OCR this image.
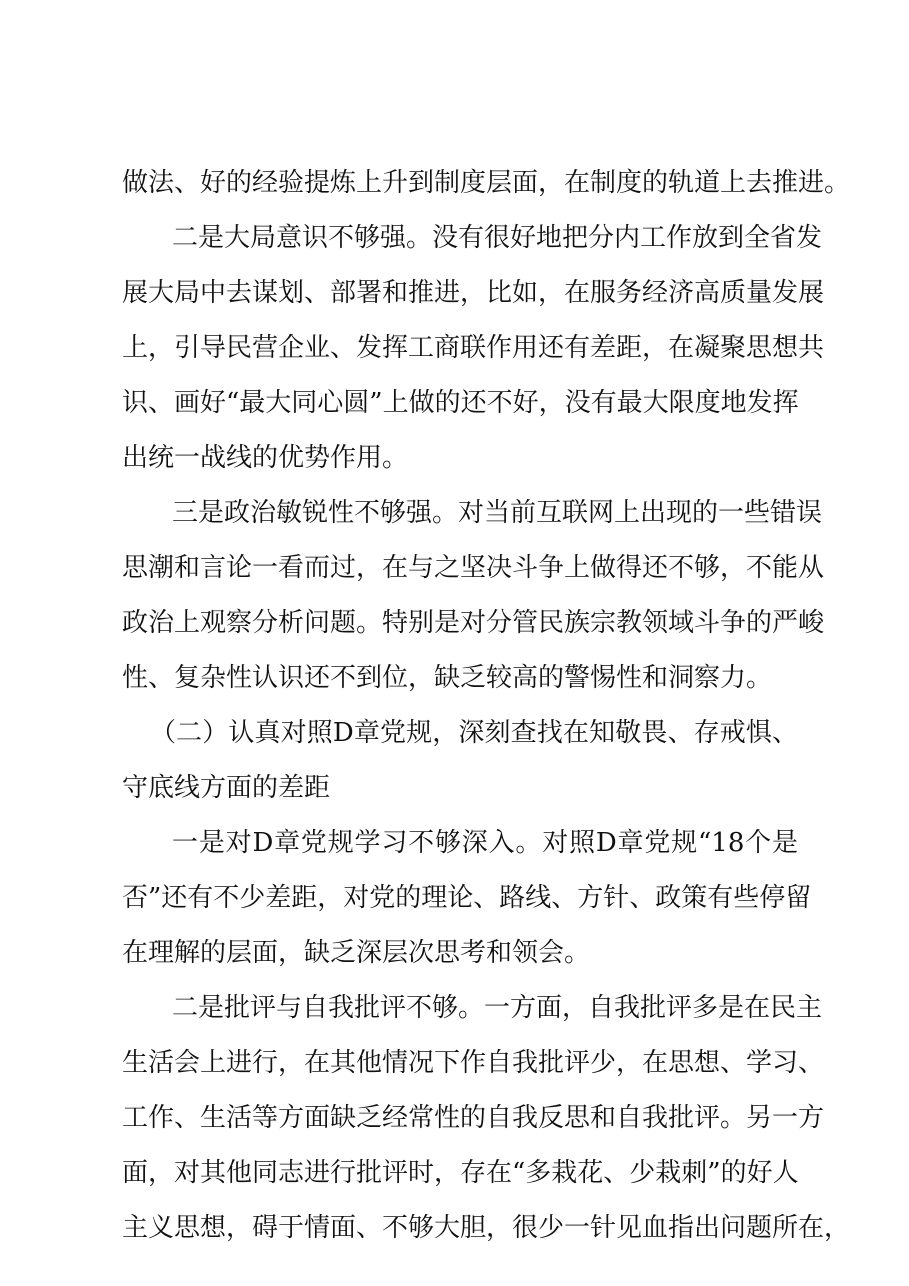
做法、好的经验提炼上升到制度层面，在制度的轨道上去推进。
二是大局意识不够强。没有很好地把分内工作放到全省发
展大局中去谋划、部署和推进，比如，在服务经济高质量发展
上，引导民营企业、发挥工商联作用还有差距，在凝聚思想共
识、画好“最大同心圆”上做的还不好，没有最大限度地发挥
出统一战线的优势作用。
三是政治敏锐性不够强。对当前互联网上出现的一些错误
思潮和言论一看而过，在与之坚决斗争上做得还不够，不能从
政治上观察分析问题。特别是对分管民族宗教领域斗争的严峻
性、复杂性认识还不到位，缺乏较高的警惕性和洞察力。
（二）认真对照D章党规，深刻查找在知敬畏、存戒惧、
守底线方面的差距
一是对D章党规学习不够深入。对照D章党规“18个是
否”还有不少差距，对党的理论、路线、方针、政策有些停留
在理解的层面，缺乏深层次思考和领会。
二是批评与自我批评不够。一方面，自我批评多是在民主
生活会上进行，在其他情况下作自我批评少，在思想、学习、
工作、生活等方面缺乏经常性的自我反思和自我批评。另一方
面，对其他同志进行批评时，存在“多栽花、少栽刺”的好人
主义思想，碍于情面、不够大胆，很少一针见血指出问题所在，
